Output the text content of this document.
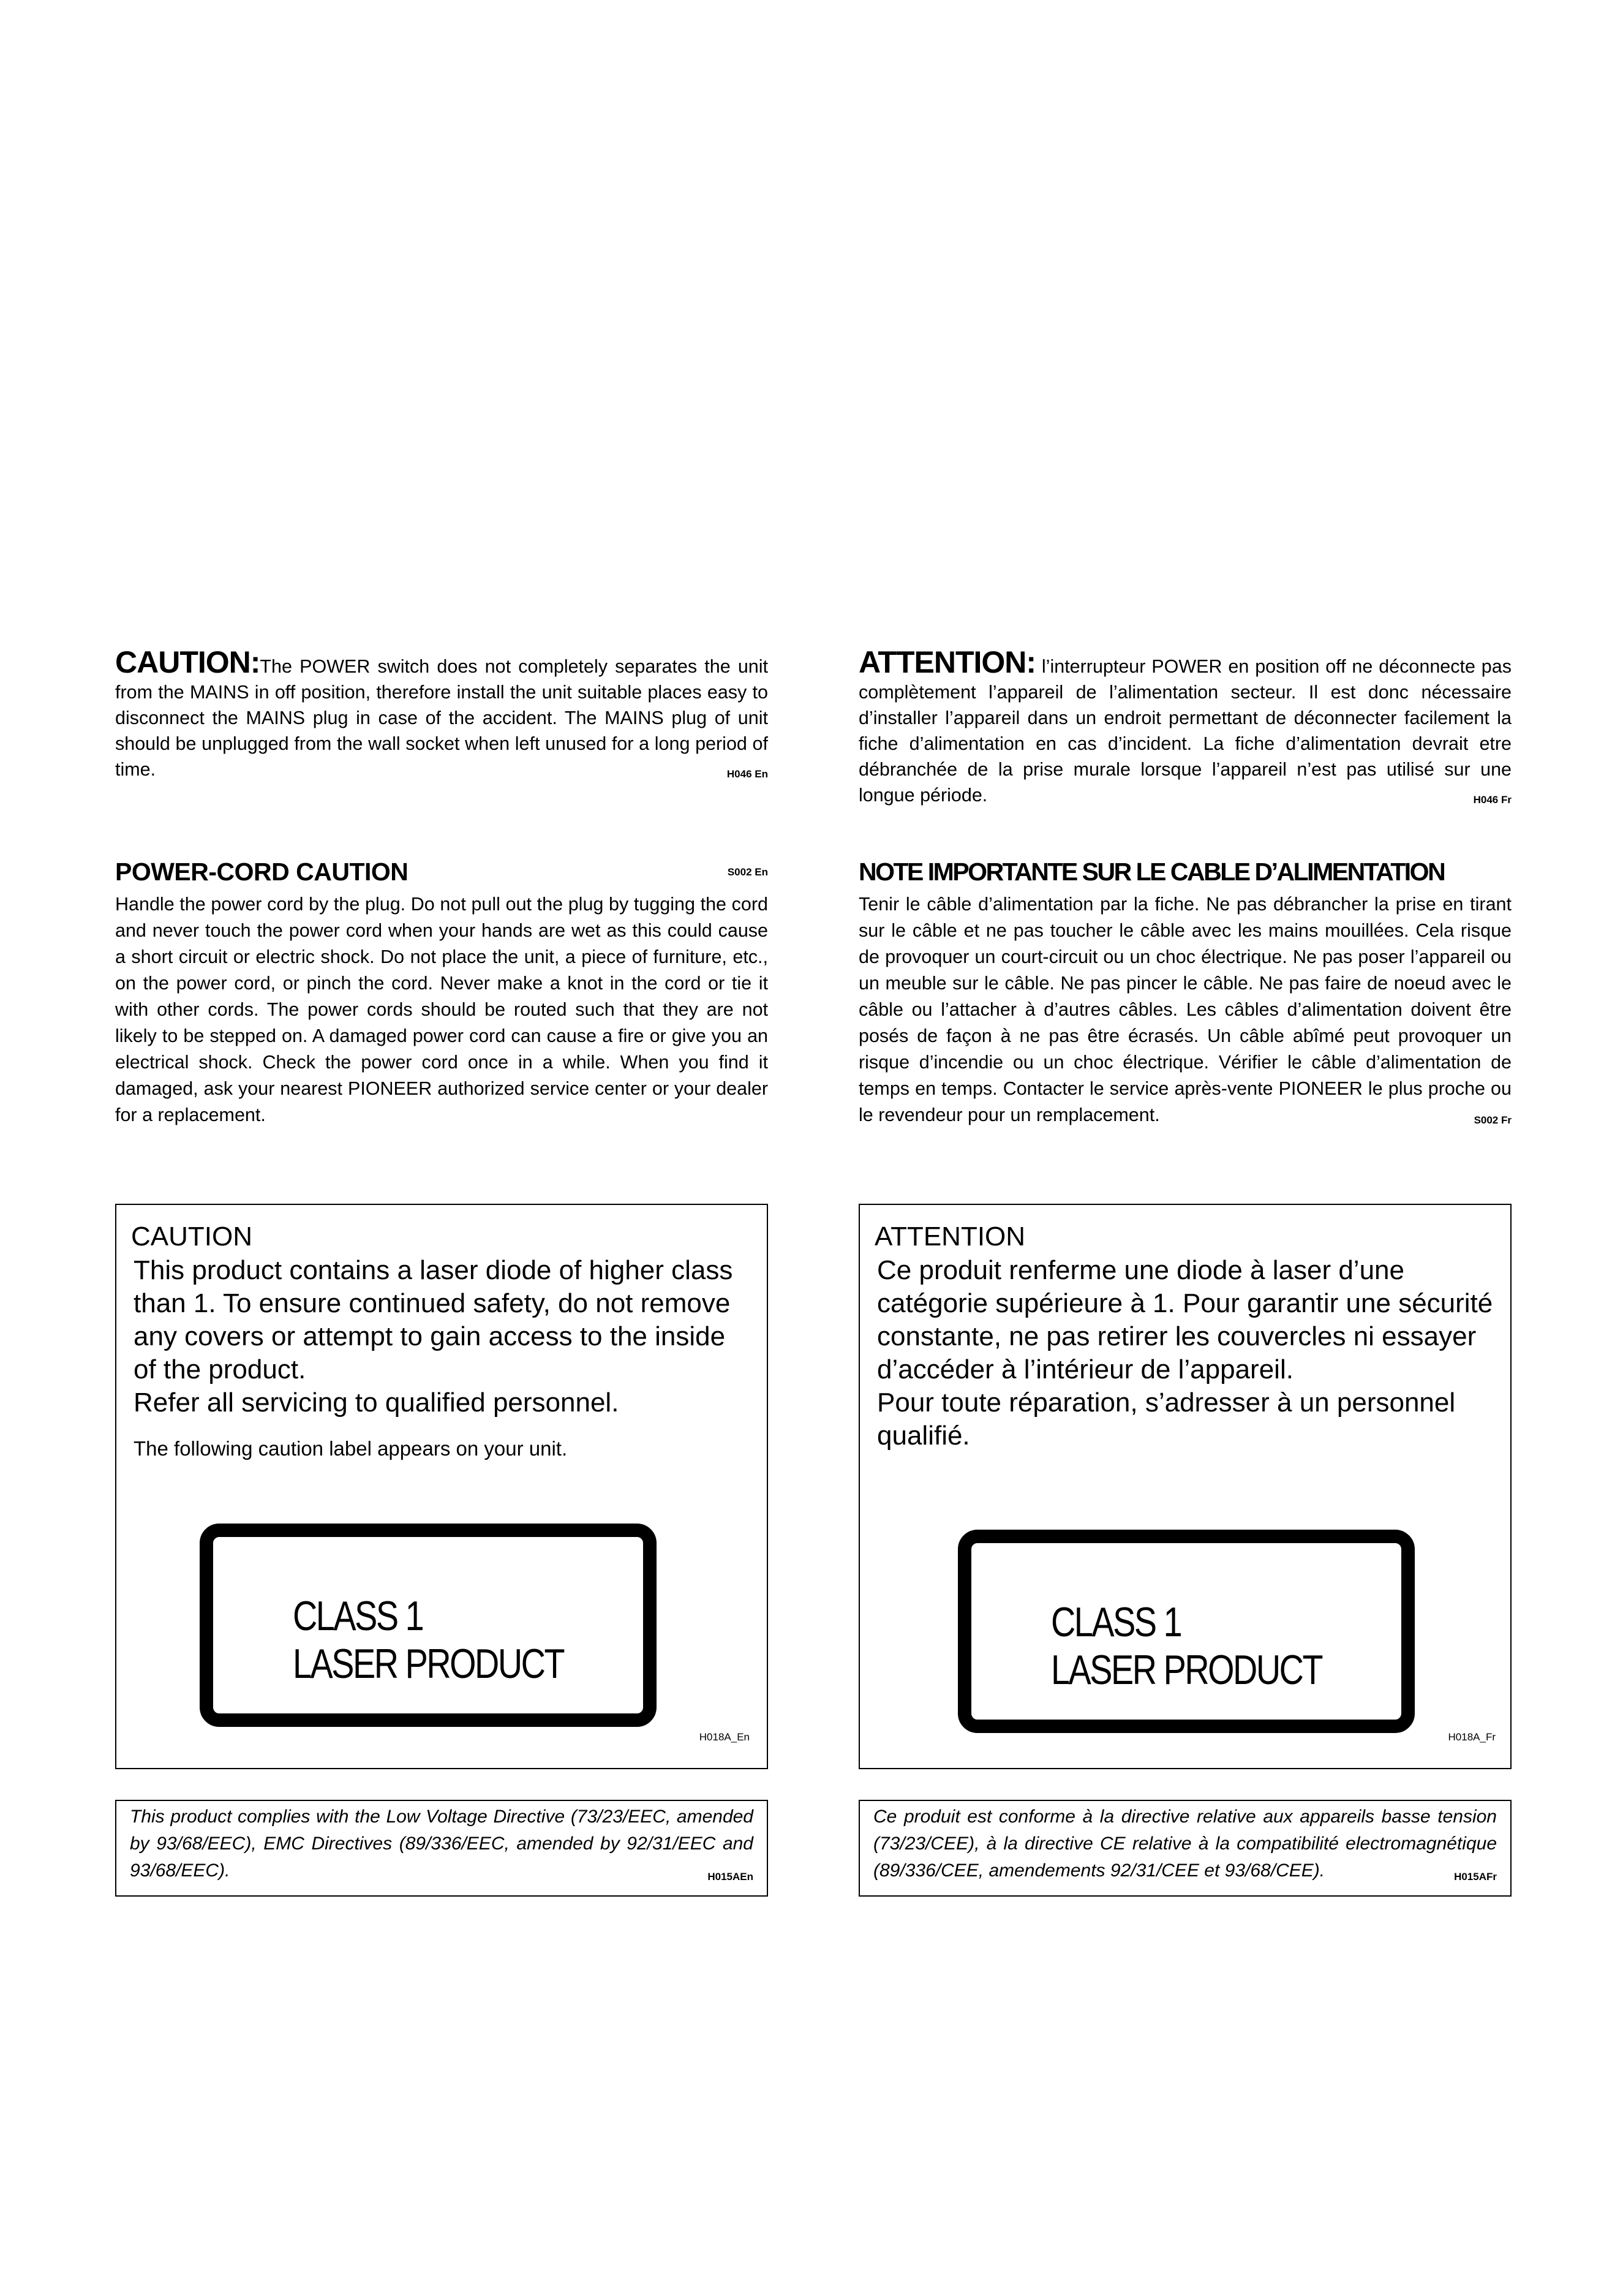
CAUTION:The POWER switch does not completely separates the unit from the MAINS in off position, therefore install the unit suitable places easy to disconnect the MAINS plug in case of the accident. The MAINS plug of unit should be unplugged from the wall socket when left unused for a long period of time.	H046 En
POWER-CORD CAUTION	S002 En
Handle the power cord by the plug. Do not pull out the plug by tugging the cord and never touch the power cord when your hands are wet as this could cause a short circuit or electric shock. Do not place the unit, a piece of furniture, etc., on the power cord, or pinch the cord. Never make a knot in the cord or tie it with other cords. The power cords should be routed such that they are not likely to be stepped on. A damaged power cord can cause a fire or give you an electrical shock. Check the power cord once in a while. When you find it damaged, ask your nearest PIONEER authorized service center or your dealer for a replacement.
CAUTION
This product contains a laser diode of higher class than 1. To ensure continued safety, do not remove any covers or attempt to gain access to the inside of the product.
Refer all servicing to qualified personnel.
The following caution label appears on your unit.
CLASS 1
LASER PRODUCT
H018A_En
This product complies with the Low Voltage Directive (73/23/EEC, amended by 93/68/EEC), EMC Directives (89/336/EEC, amended by 92/31/EEC and 93/68/EEC).	H015AEn
ATTENTION: l’interrupteur POWER en position off ne déconnecte pas complètement l’appareil de l’alimentation secteur. Il est donc nécessaire d’installer l’appareil dans un endroit permettant de déconnecter facilement la fiche d’alimentation en cas d’incident. La fiche d’alimentation devrait etre débranchée de la prise murale lorsque l’appareil n’est pas utilisé sur une longue période.	H046 Fr
NOTE IMPORTANTE SUR LE CABLE D’ALIMENTATION
Tenir le câble d’alimentation par la fiche. Ne pas débrancher la prise en tirant sur le câble et ne pas toucher le câble avec les mains mouillées. Cela risque de provoquer un court-circuit ou un choc électrique. Ne pas poser l’appareil ou un meuble sur le câble. Ne pas pincer le câble. Ne pas faire de noeud avec le câble ou l’attacher à d’autres câbles. Les câbles d’alimentation doivent être posés de façon à ne pas être écrasés. Un câble abîmé peut provoquer un risque d’incendie ou un choc électrique. Vérifier le câble d’alimentation de temps en temps. Contacter le service après-vente PIONEER le plus proche ou le revendeur pour un remplacement.	S002 Fr
ATTENTION
Ce produit renferme une diode à laser d’une catégorie supérieure à 1. Pour garantir une sécurité constante, ne pas retirer les couvercles ni essayer d’accéder à l’intérieur de l’appareil.
Pour toute réparation, s’adresser à un personnel qualifié.
CLASS 1
LASER PRODUCT
H018A_Fr
Ce produit est conforme à la directive relative aux appareils basse tension (73/23/CEE), à la directive CE relative à la compatibilité electromagnétique (89/336/CEE, amendements 92/31/CEE et 93/68/CEE).	H015AFr
